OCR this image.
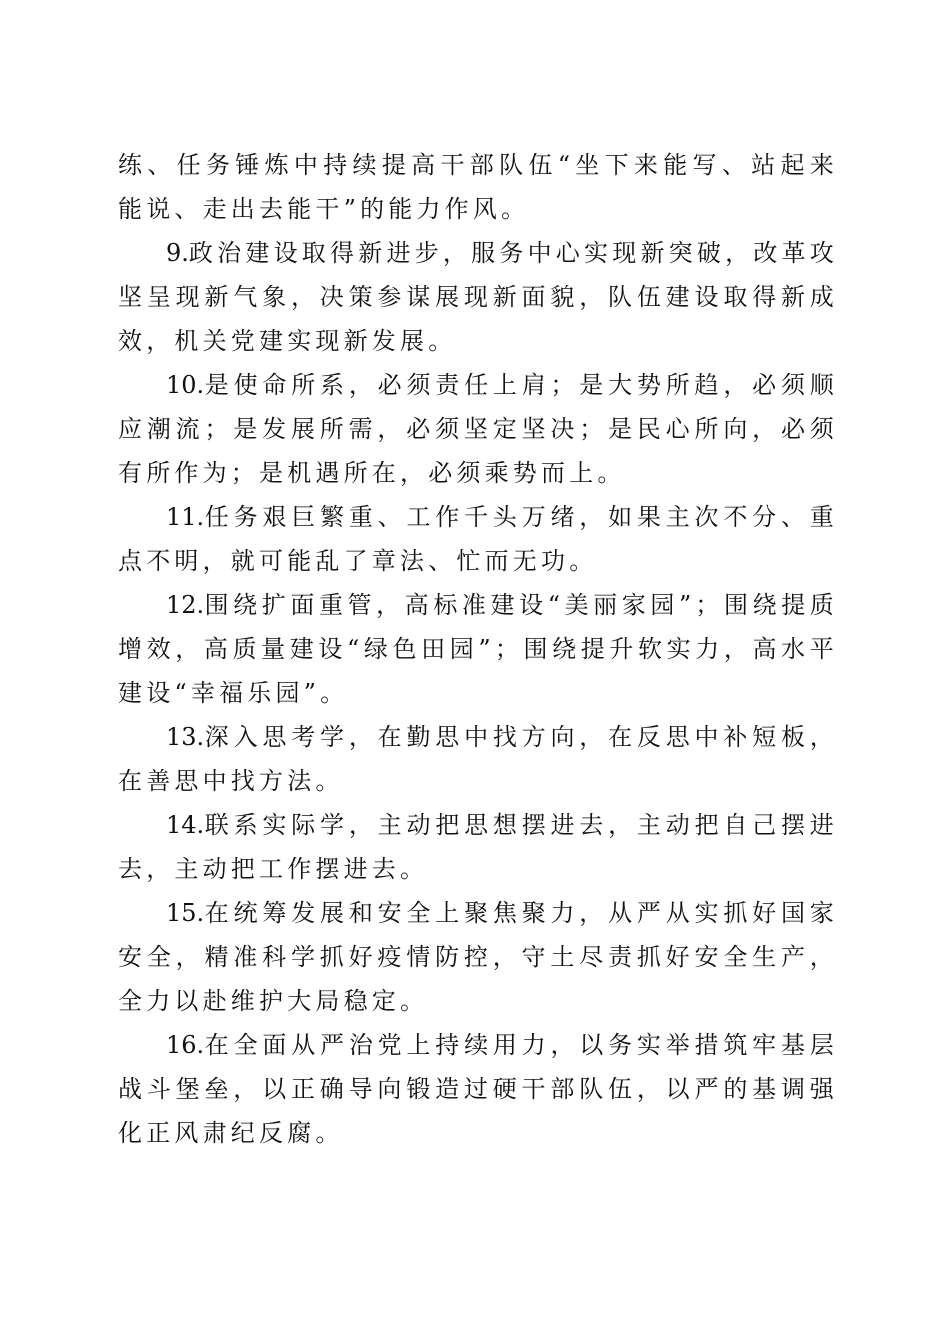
练、任务锤炼中持续提高干部队伍“坐下来能写、站起来能说、走出去能干”的能力作风。

9.政治建设取得新进步，服务中心实现新突破，改革攻坚呈现新气象，决策参谋展现新面貌，队伍建设取得新成效，机关党建实现新发展。

10.是使命所系，必须责任上肩；是大势所趋，必须顺应潮流；是发展所需，必须坚定坚决；是民心所向，必须有所作为；是机遇所在，必须乘势而上。

11.任务艰巨繁重、工作千头万绪，如果主次不分、重点不明，就可能乱了章法、忙而无功。

12.围绕扩面重管，高标准建设“美丽家园”；围绕提质增效，高质量建设“绿色田园”；围绕提升软实力，高水平建设“幸福乐园”。

13.深入思考学，在勤思中找方向，在反思中补短板，在善思中找方法。

14.联系实际学，主动把思想摆进去，主动把自己摆进去，主动把工作摆进去。

15.在统筹发展和安全上聚焦聚力，从严从实抓好国家安全，精准科学抓好疫情防控，守土尽责抓好安全生产，全力以赴维护大局稳定。

16.在全面从严治党上持续用力，以务实举措筑牢基层战斗堡垒，以正确导向锻造过硬干部队伍，以严的基调强化正风肃纪反腐。
